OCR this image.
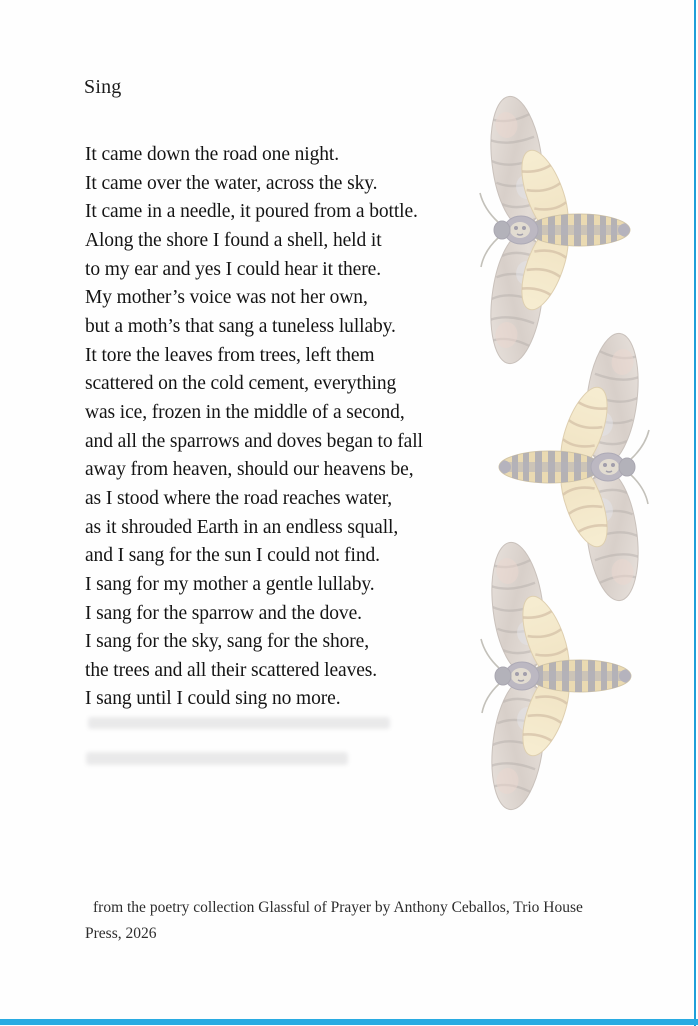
Sing
It came down the road one night.
It came over the water, across the sky.
It came in a needle, it poured from a bottle.
Along the shore I found a shell, held it
to my ear and yes I could hear it there.
My mother’s voice was not her own,
but a moth’s that sang a tuneless lullaby.
It tore the leaves from trees, left them
scattered on the cold cement, everything
was ice, frozen in the middle of a second,
and all the sparrows and doves began to fall
away from heaven, should our heavens be,
as I stood where the road reaches water,
as it shrouded Earth in an endless squall,
and I sang for the sun I could not find.
I sang for my mother a gentle lullaby.
I sang for the sparrow and the dove.
I sang for the sky, sang for the shore,
the trees and all their scattered leaves.
I sang until I could sing no more.
from the poetry collection Glassful of Prayer by Anthony Ceballos, Trio House
Press, 2026
